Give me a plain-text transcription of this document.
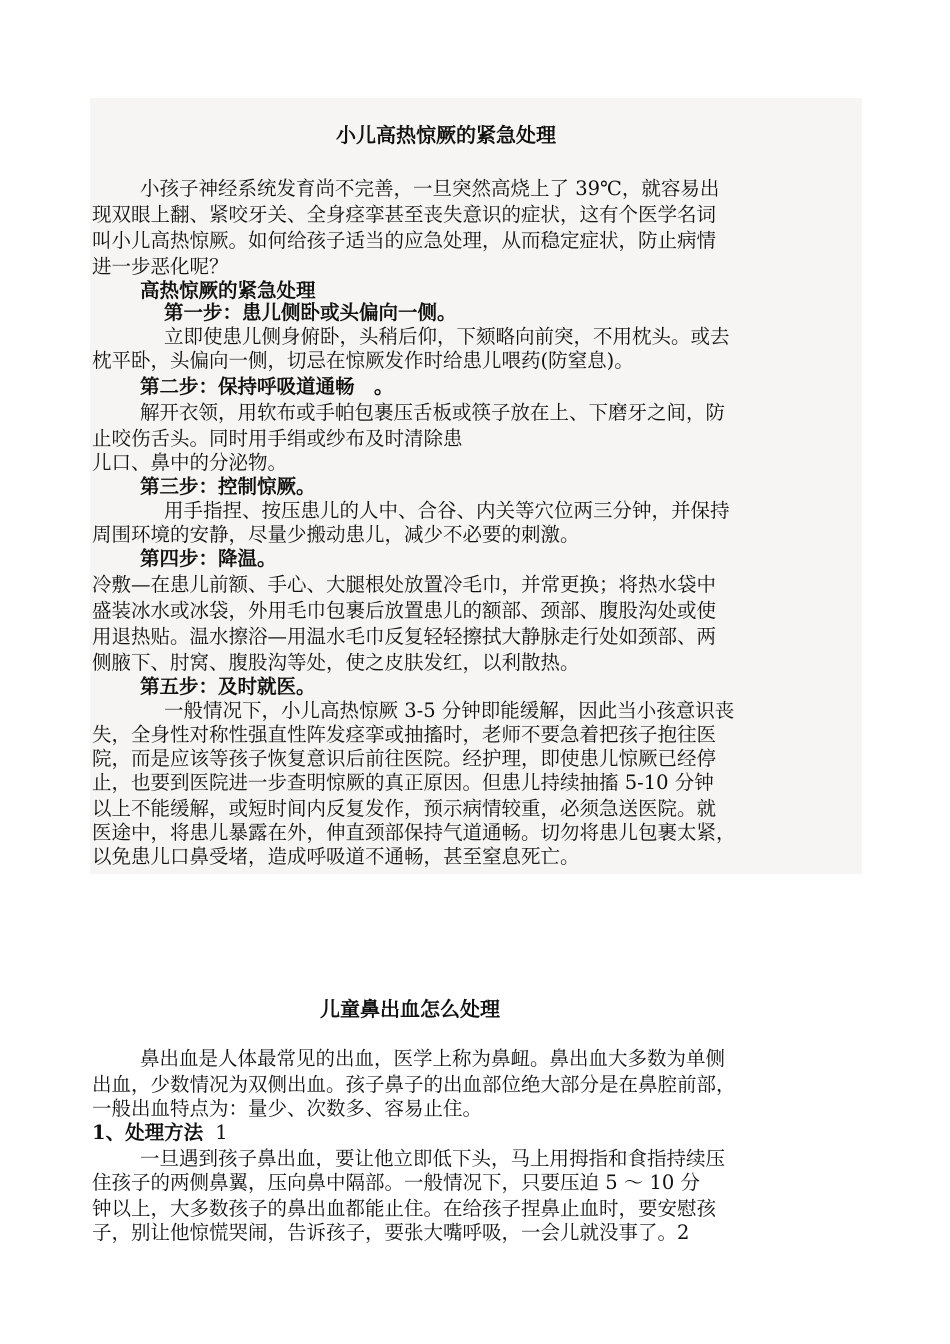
小儿高热惊厥的紧急处理
小孩子神经系统发育尚不完善，一旦突然高烧上了 39℃，就容易出
现双眼上翻、紧咬牙关、全身痉挛甚至丧失意识的症状，这有个医学名词
叫小儿高热惊厥。如何给孩子适当的应急处理，从而稳定症状，防止病情
进一步恶化呢？
高热惊厥的紧急处理
第一步：患儿侧卧或头偏向一侧。
立即使患儿侧身俯卧，头稍后仰，下颏略向前突，不用枕头。或去
枕平卧，头偏向一侧，切忌在惊厥发作时给患儿喂药(防窒息)。
第二步：保持呼吸道通畅　。
解开衣领，用软布或手帕包裹压舌板或筷子放在上、下磨牙之间，防
止咬伤舌头。同时用手绢或纱布及时清除患
儿口、鼻中的分泌物。
第三步：控制惊厥。
用手指捏、按压患儿的人中、合谷、内关等穴位两三分钟，并保持
周围环境的安静，尽量少搬动患儿，减少不必要的刺激。
第四步：降温。
冷敷—在患儿前额、手心、大腿根处放置冷毛巾，并常更换；将热水袋中
盛装冰水或冰袋，外用毛巾包裹后放置患儿的额部、颈部、腹股沟处或使
用退热贴。温水擦浴—用温水毛巾反复轻轻擦拭大静脉走行处如颈部、两
侧腋下、肘窝、腹股沟等处，使之皮肤发红，以利散热。
第五步：及时就医。
一般情况下，小儿高热惊厥 3-5 分钟即能缓解，因此当小孩意识丧
失，全身性对称性强直性阵发痉挛或抽搐时，老师不要急着把孩子抱往医
院，而是应该等孩子恢复意识后前往医院。经护理，即使患儿惊厥已经停
止，也要到医院进一步查明惊厥的真正原因。但患儿持续抽搐 5-10 分钟
以上不能缓解，或短时间内反复发作，预示病情较重，必须急送医院。就
医途中，将患儿暴露在外，伸直颈部保持气道通畅。切勿将患儿包裹太紧，
以免患儿口鼻受堵，造成呼吸道不通畅，甚至窒息死亡。
儿童鼻出血怎么处理
鼻出血是人体最常见的出血，医学上称为鼻衄。鼻出血大多数为单侧
出血，少数情况为双侧出血。孩子鼻子的出血部位绝大部分是在鼻腔前部，
一般出血特点为：量少、次数多、容易止住。
1、处理方法 1
一旦遇到孩子鼻出血，要让他立即低下头，马上用拇指和食指持续压
住孩子的两侧鼻翼，压向鼻中隔部。一般情况下，只要压迫 5 ～ 10 分
钟以上，大多数孩子的鼻出血都能止住。在给孩子捏鼻止血时，要安慰孩
子，别让他惊慌哭闹，告诉孩子，要张大嘴呼吸，一会儿就没事了。2
